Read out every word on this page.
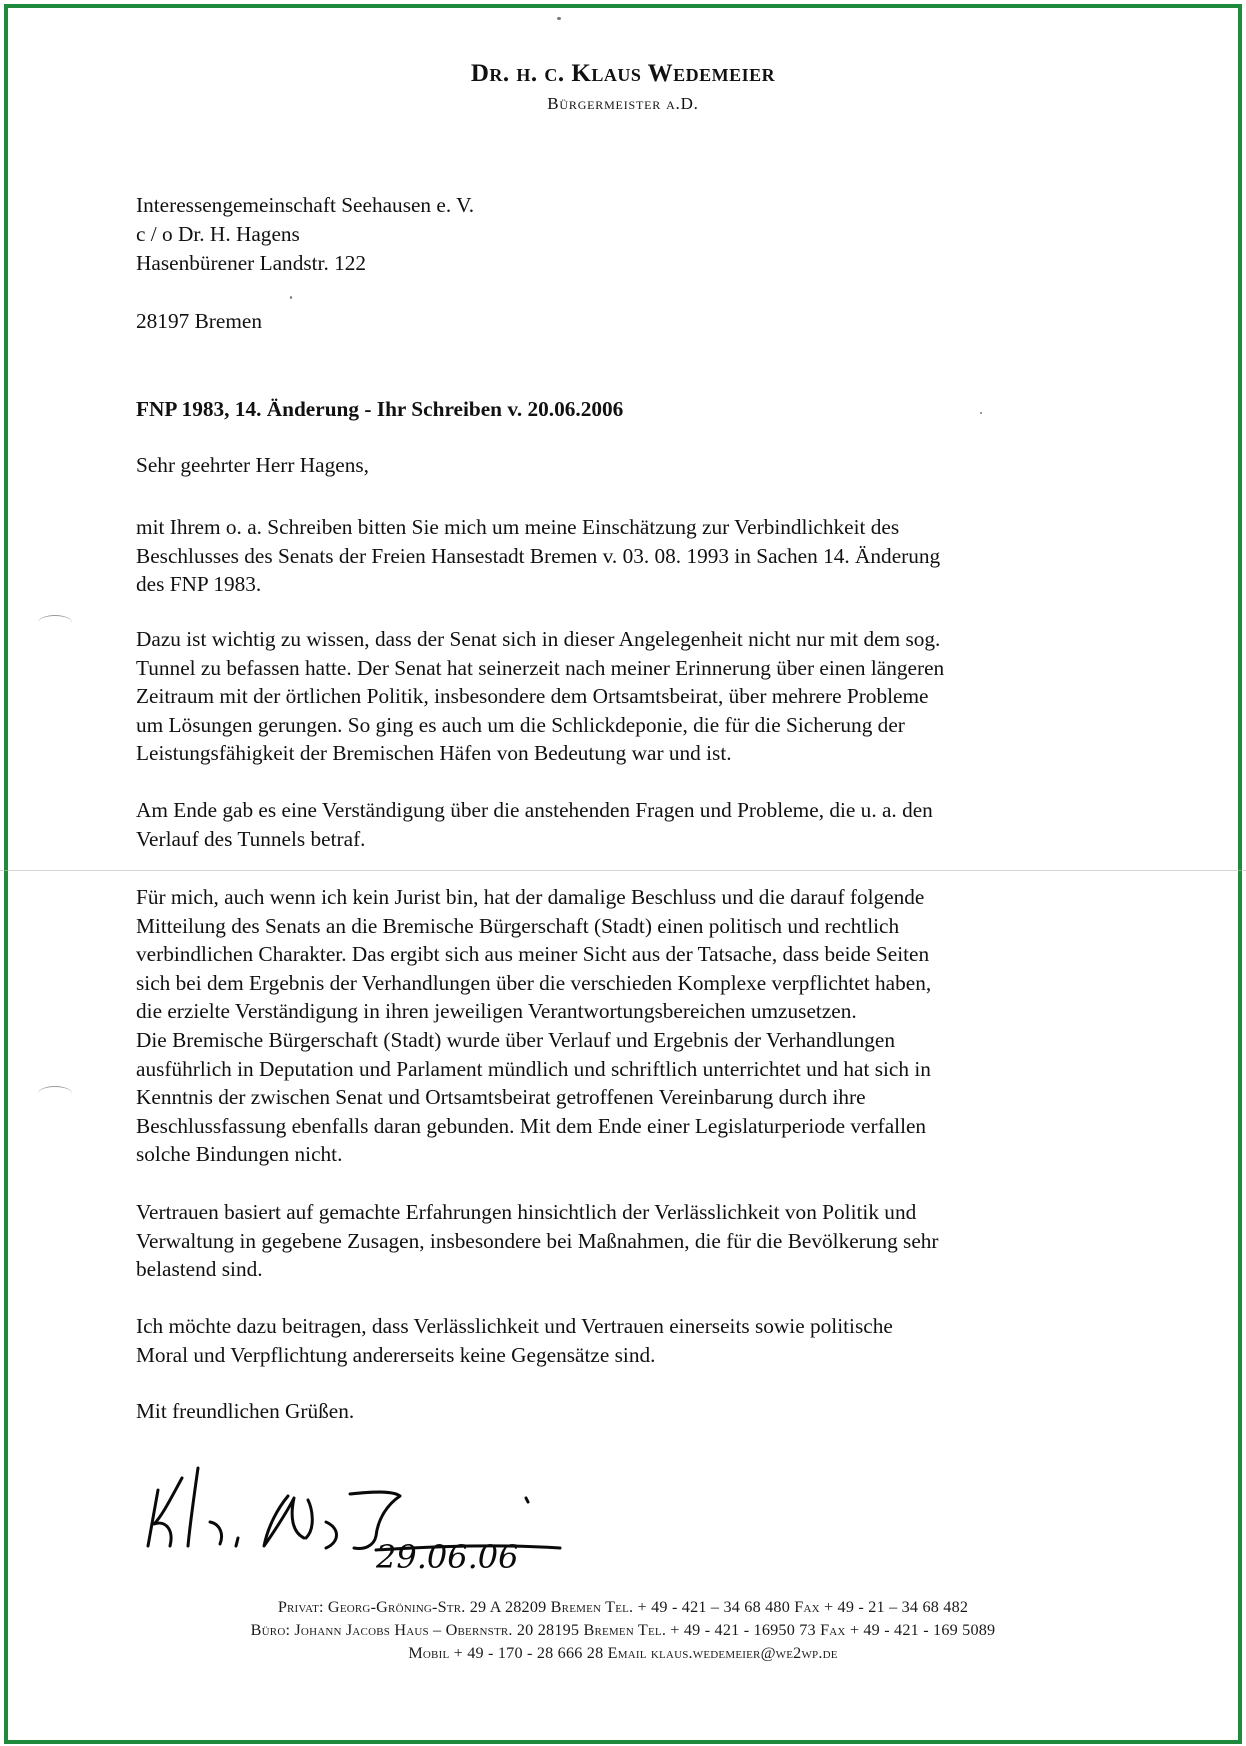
Dr. h. c. Klaus Wedemeier
Bürgermeister a.D.
Interessengemeinschaft Seehausen e. V.
c / o Dr. H. Hagens
Hasenbürener Landstr. 122
28197 Bremen
FNP 1983, 14. Änderung - Ihr Schreiben v. 20.06.2006
Sehr geehrter Herr Hagens,
mit Ihrem o. a. Schreiben bitten Sie mich um meine Einschätzung zur Verbindlichkeit des
Beschlusses des Senats der Freien Hansestadt Bremen v. 03. 08. 1993 in Sachen 14. Änderung
des FNP 1983.
Dazu ist wichtig zu wissen, dass der Senat sich in dieser Angelegenheit nicht nur mit dem sog.
Tunnel zu befassen hatte. Der Senat hat seinerzeit nach meiner Erinnerung über einen längeren
Zeitraum mit der örtlichen Politik, insbesondere dem Ortsamtsbeirat, über mehrere Probleme
um Lösungen gerungen. So ging es auch um die Schlickdeponie, die für die Sicherung der
Leistungsfähigkeit der Bremischen Häfen von Bedeutung war und ist.
Am Ende gab es eine Verständigung über die anstehenden Fragen und Probleme, die u. a. den
Verlauf des Tunnels betraf.
Für mich, auch wenn ich kein Jurist bin, hat der damalige Beschluss und die darauf folgende
Mitteilung des Senats an die Bremische Bürgerschaft (Stadt) einen politisch und rechtlich
verbindlichen Charakter. Das ergibt sich aus meiner Sicht aus der Tatsache, dass beide Seiten
sich bei dem Ergebnis der Verhandlungen über die verschieden Komplexe verpflichtet haben,
die erzielte Verständigung in ihren jeweiligen Verantwortungsbereichen umzusetzen.
Die Bremische Bürgerschaft (Stadt) wurde über Verlauf und Ergebnis der Verhandlungen
ausführlich in Deputation und Parlament mündlich und schriftlich unterrichtet und hat sich in
Kenntnis der zwischen Senat und Ortsamtsbeirat getroffenen Vereinbarung durch ihre
Beschlussfassung ebenfalls daran gebunden. Mit dem Ende einer Legislaturperiode verfallen
solche Bindungen nicht.
Vertrauen basiert auf gemachte Erfahrungen hinsichtlich der Verlässlichkeit von Politik und
Verwaltung in gegebene Zusagen, insbesondere bei Maßnahmen, die für die Bevölkerung sehr
belastend sind.
Ich möchte dazu beitragen, dass Verlässlichkeit und Vertrauen einerseits sowie politische
Moral und Verpflichtung andererseits keine Gegensätze sind.
Mit freundlichen Grüßen.
29.06.06
Privat: Georg-Gröning-Str. 29 A 28209 Bremen Tel. + 49 - 421 – 34 68 480 Fax + 49 - 21 – 34 68 482
Büro: Johann Jacobs Haus – Obernstr. 20 28195 Bremen Tel. + 49 - 421 - 16950 73 Fax + 49 - 421 - 169 5089
Mobil + 49 - 170 - 28 666 28 Email klaus.wedemeier@we2wp.de
